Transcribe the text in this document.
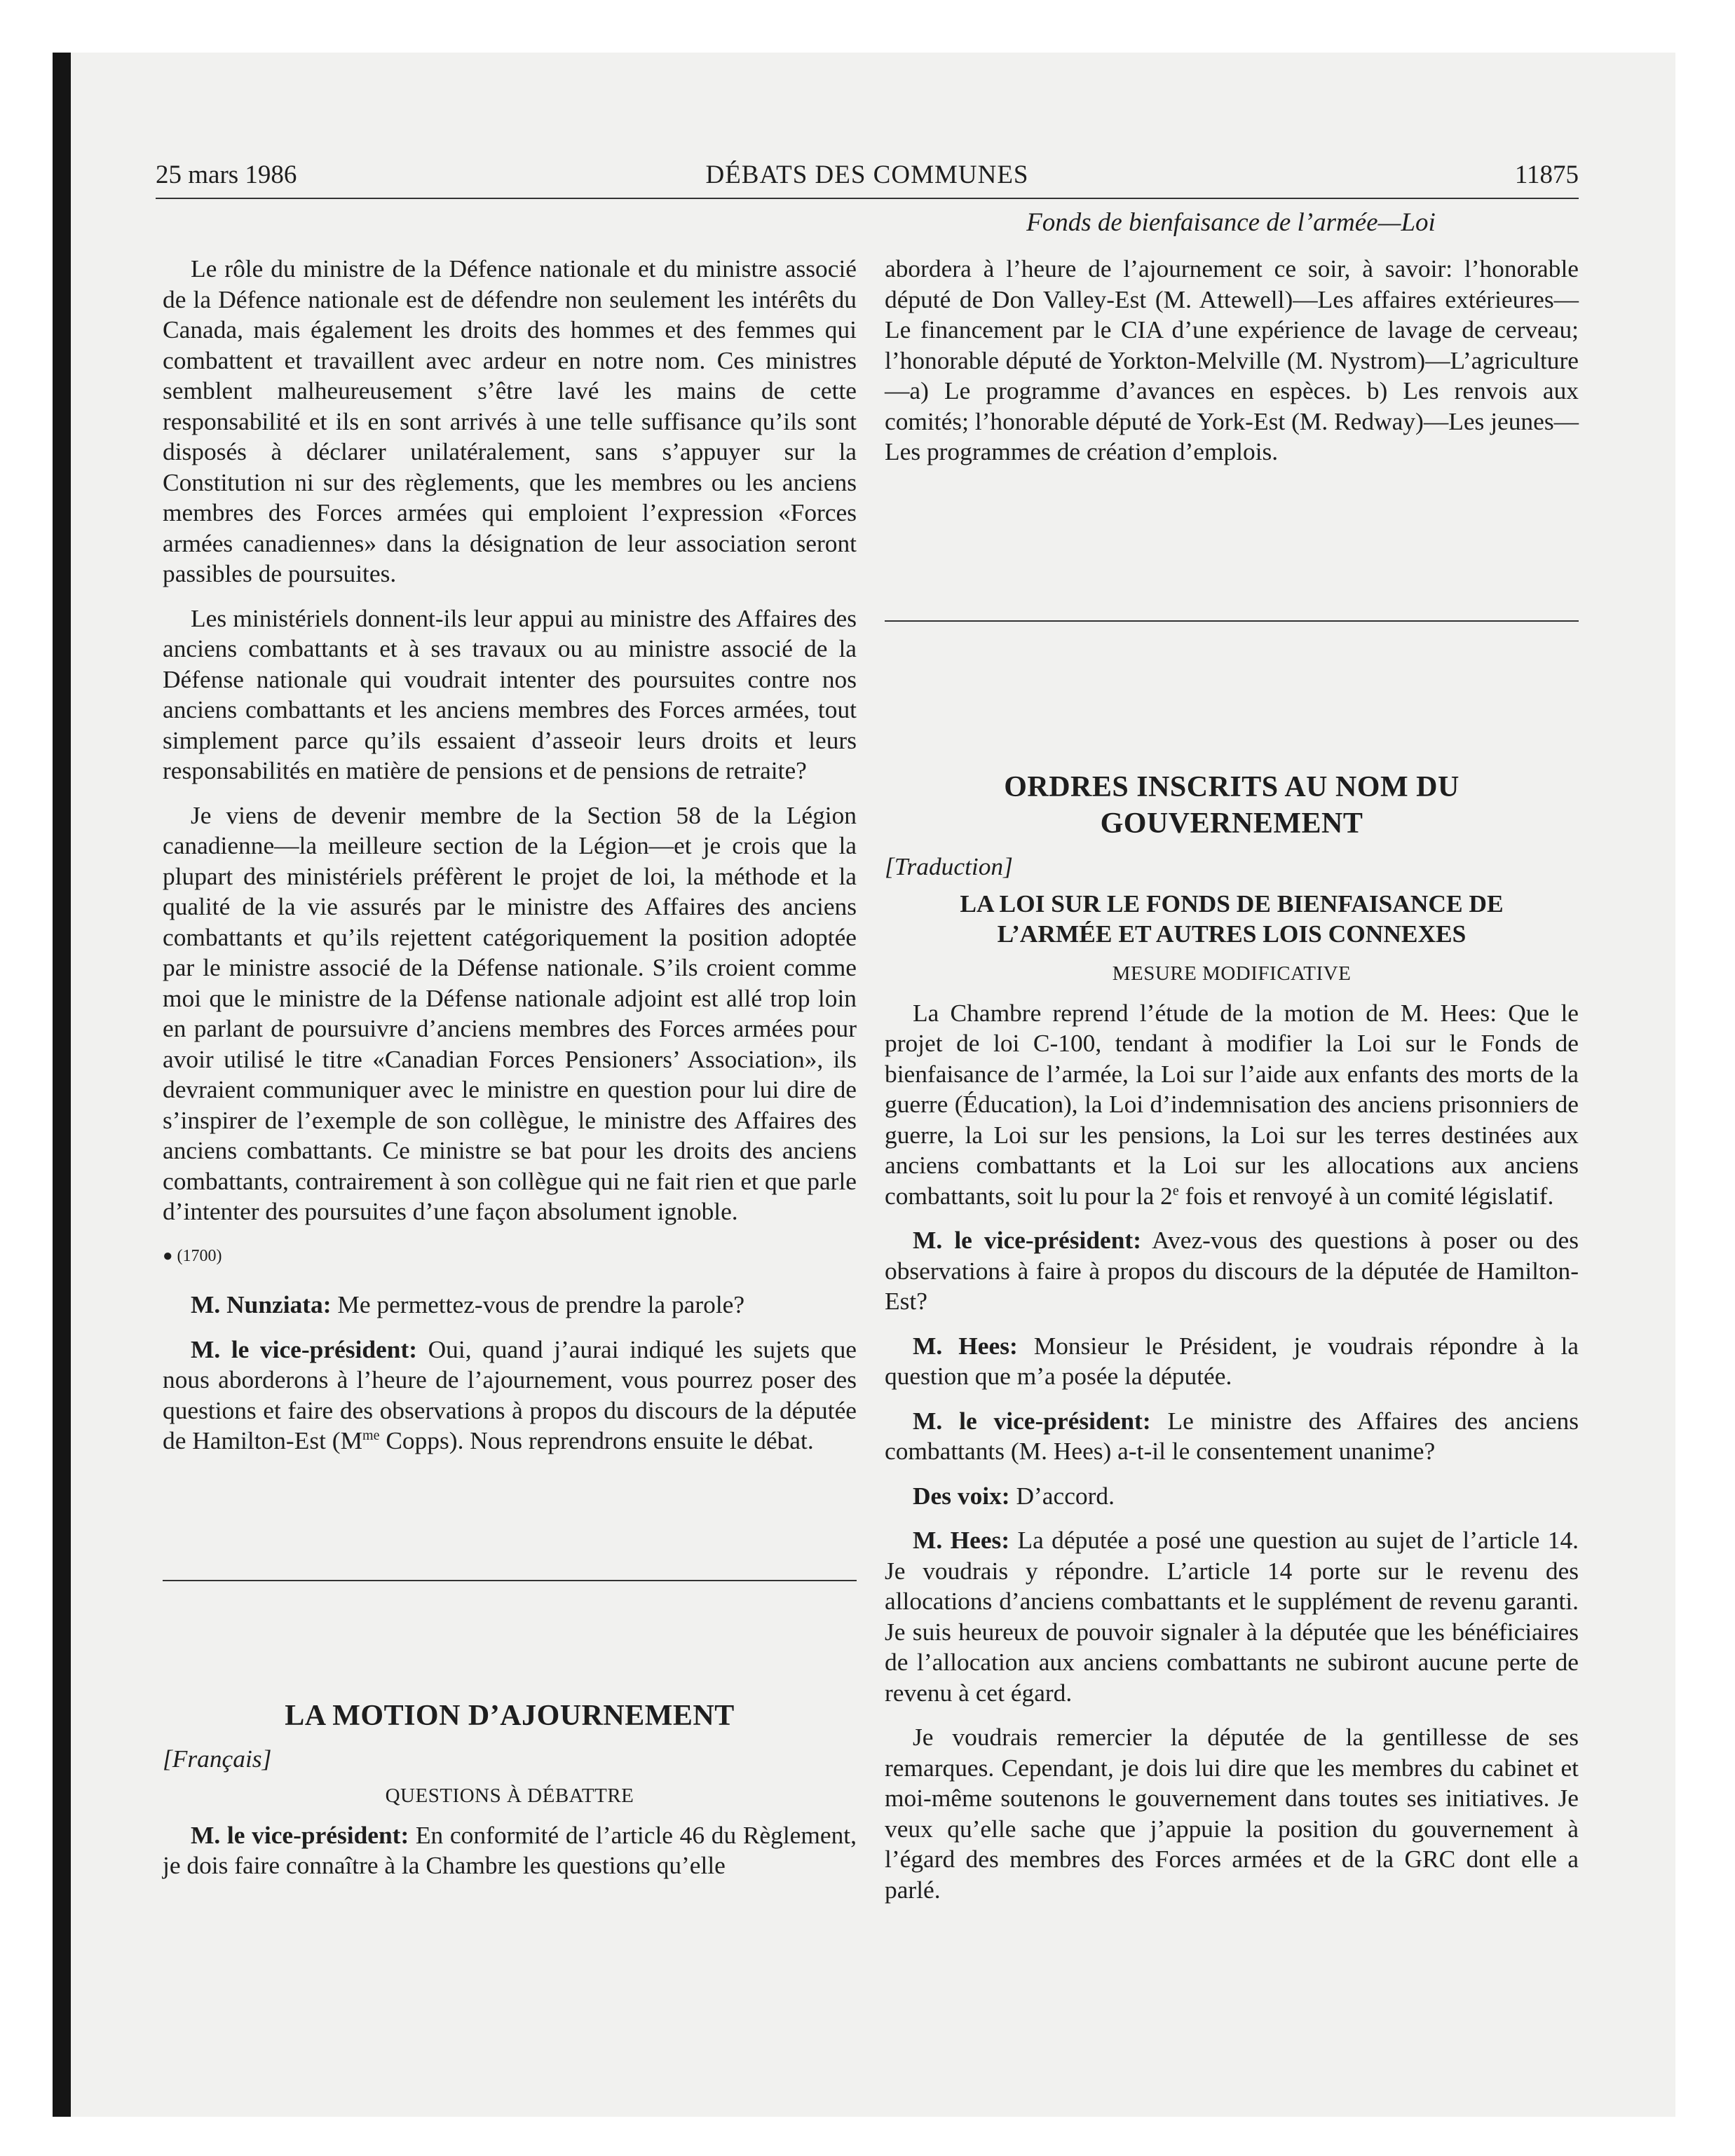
25 mars 1986	DÉBATS DES COMMUNES	11875
Fonds de bienfaisance de l’armée—Loi

Le rôle du ministre de la Défence nationale et du ministre associé de la Défence nationale est de défendre non seulement les intérêts du Canada, mais également les droits des hommes et des femmes qui combattent et travaillent avec ardeur en notre nom. Ces ministres semblent malheureusement s’être lavé les mains de cette responsabilité et ils en sont arrivés à une telle suffisance qu’ils sont disposés à déclarer unilatéralement, sans s’appuyer sur la Constitution ni sur des règlements, que les membres ou les anciens membres des Forces armées qui emploient l’expression «Forces armées canadiennes» dans la désignation de leur association seront passibles de poursuites.

Les ministériels donnent-ils leur appui au ministre des Affaires des anciens combattants et à ses travaux ou au ministre associé de la Défense nationale qui voudrait intenter des poursuites contre nos anciens combattants et les anciens membres des Forces armées, tout simplement parce qu’ils essaient d’asseoir leurs droits et leurs responsabilités en matière de pensions et de pensions de retraite?

Je viens de devenir membre de la Section 58 de la Légion canadienne—la meilleure section de la Légion—et je crois que la plupart des ministériels préfèrent le projet de loi, la méthode et la qualité de la vie assurés par le ministre des Affaires des anciens combattants et qu’ils rejettent catégoriquement la position adoptée par le ministre associé de la Défense nationale. S’ils croient comme moi que le ministre de la Défense nationale adjoint est allé trop loin en parlant de poursuivre d’anciens membres des Forces armées pour avoir utilisé le titre «Canadian Forces Pensioners’ Association», ils devraient communiquer avec le ministre en question pour lui dire de s’inspirer de l’exemple de son collègue, le ministre des Affaires des anciens combattants. Ce ministre se bat pour les droits des anciens combattants, contrairement à son collègue qui ne fait rien et que parle d’intenter des poursuites d’une façon absolument ignoble.

● (1700)

M. Nunziata: Me permettez-vous de prendre la parole?

M. le vice-président: Oui, quand j’aurai indiqué les sujets que nous aborderons à l’heure de l’ajournement, vous pourrez poser des questions et faire des observations à propos du discours de la députée de Hamilton-Est ($M^{me}$ Copps). Nous reprendrons ensuite le débat.

LA MOTION D’AJOURNEMENT
[Français]
QUESTIONS À DÉBATTRE

M. le vice-président: En conformité de l’article 46 du Règlement, je dois faire connaître à la Chambre les questions qu’elle

abordera à l’heure de l’ajournement ce soir, à savoir: l’honorable député de Don Valley-Est (M. Attewell)—Les affaires extérieures—Le financement par le CIA d’une expérience de lavage de cerveau; l’honorable député de Yorkton-Melville (M. Nystrom)—L’agriculture—a) Le programme d’avances en espèces. b) Les renvois aux comités; l’honorable député de York-Est (M. Redway)—Les jeunes—Les programmes de création d’emplois.

ORDRES INSCRITS AU NOM DU
GOUVERNEMENT
[Traduction]
LA LOI SUR LE FONDS DE BIENFAISANCE DE
L’ARMÉE ET AUTRES LOIS CONNEXES
MESURE MODIFICATIVE

La Chambre reprend l’étude de la motion de M. Hees: Que le projet de loi C-100, tendant à modifier la Loi sur le Fonds de bienfaisance de l’armée, la Loi sur l’aide aux enfants des morts de la guerre (Éducation), la Loi d’indemnisation des anciens prisonniers de guerre, la Loi sur les pensions, la Loi sur les terres destinées aux anciens combattants et la Loi sur les allocations aux anciens combattants, soit lu pour la 2e fois et renvoyé à un comité législatif.

M. le vice-président: Avez-vous des questions à poser ou des observations à faire à propos du discours de la députée de Hamilton-Est?

M. Hees: Monsieur le Président, je voudrais répondre à la question que m’a posée la députée.

M. le vice-président: Le ministre des Affaires des anciens combattants (M. Hees) a-t-il le consentement unanime?

Des voix: D’accord.

M. Hees: La députée a posé une question au sujet de l’article 14. Je voudrais y répondre. L’article 14 porte sur le revenu des allocations d’anciens combattants et le supplément de revenu garanti. Je suis heureux de pouvoir signaler à la députée que les bénéficiaires de l’allocation aux anciens combattants ne subiront aucune perte de revenu à cet égard.

Je voudrais remercier la députée de la gentillesse de ses remarques. Cependant, je dois lui dire que les membres du cabinet et moi-même soutenons le gouvernement dans toutes ses initiatives. Je veux qu’elle sache que j’appuie la position du gouvernement à l’égard des membres des Forces armées et de la GRC dont elle a parlé.
